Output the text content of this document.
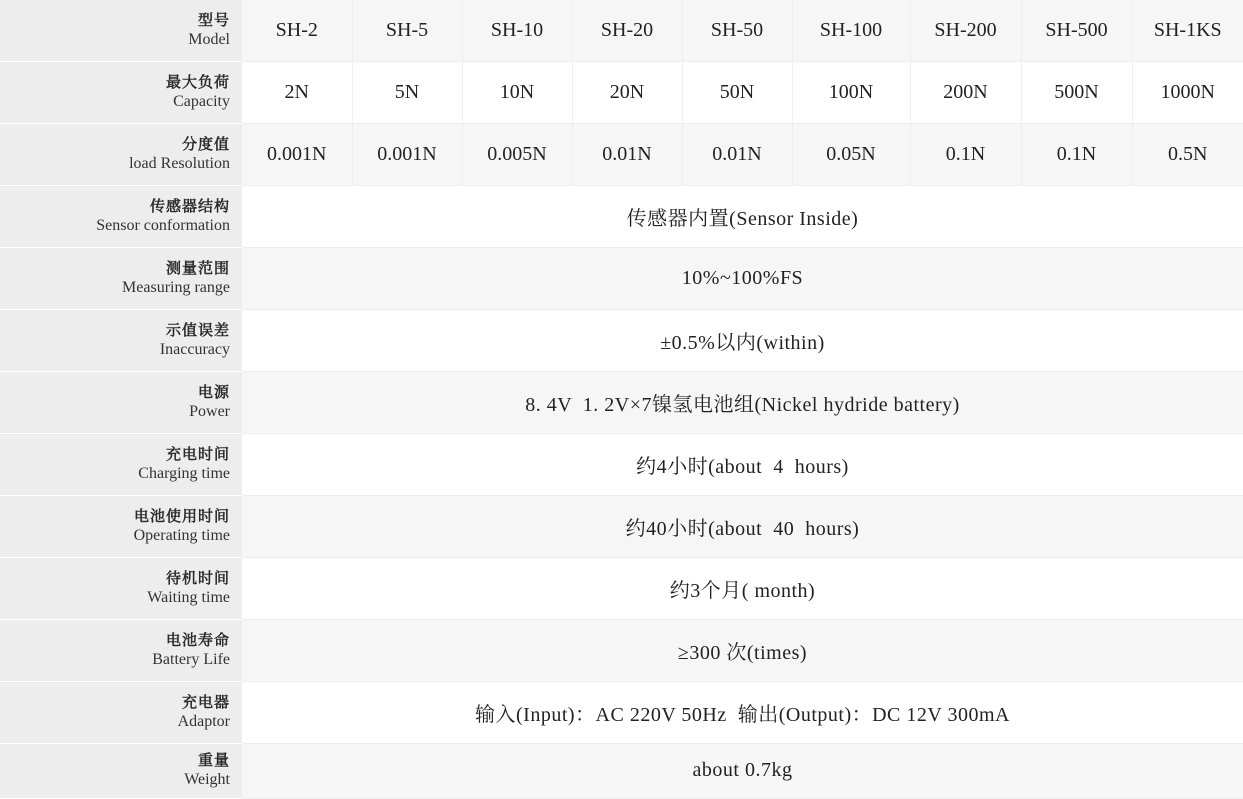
型号
Model	SH-2	SH-5	SH-10	SH-20	SH-50	SH-100	SH-200	SH-500	SH-1KS

最大负荷
Capacity	2N	5N	10N	20N	50N	100N	200N	500N	1000N

分度值
load Resolution	0.001N	0.001N	0.005N	0.01N	0.01N	0.05N	0.1N	0.1N	0.5N

传感器结构
Sensor conformation	传感器内置(Sensor Inside)								

测量范围
Measuring range	10%~100%FS								

示值误差
Inaccuracy	±0.5%以内(within)								

电源
Power	8. 4V  1. 2V×7镍氢电池组(Nickel hydride battery)								

充电时间
Charging time	约4小时(about  4  hours)								

电池使用时间
Operating time	约40小时(about  40  hours)								

待机时间
Waiting time	约3个月( month)								

电池寿命
Battery Life	≥300 次(times)								

充电器
Adaptor	输入(Input)：AC 220V 50Hz  输出(Output)：DC 12V 300mA								

重量
Weight	about 0.7kg								
